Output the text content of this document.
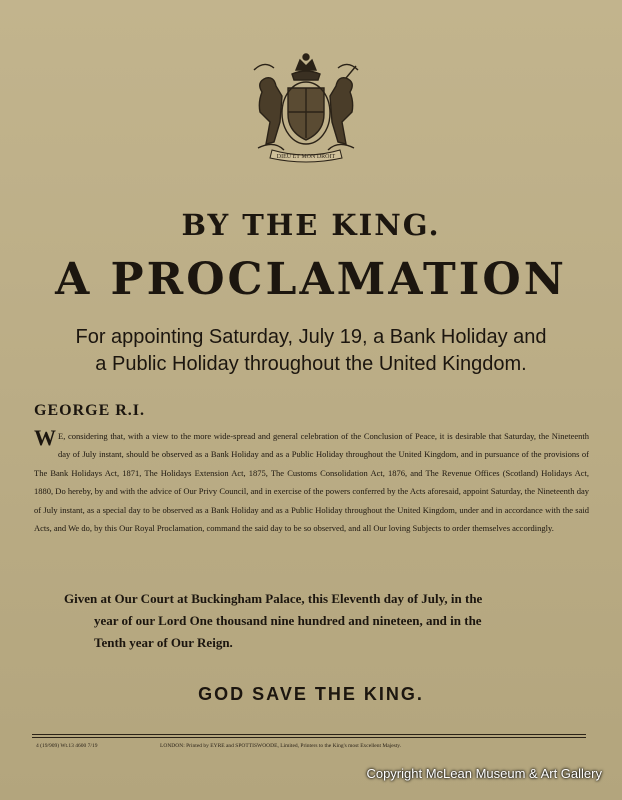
DIEU ET MON DROIT
BY THE KING.
A PROCLAMATION
For appointing Saturday, July 19, a Bank Holiday and
a Public Holiday throughout the United Kingdom.
GEORGE R.I.
W E, considering that, with a view to the more wide-spread and general celebration of the Conclusion of Peace, it is desirable that Saturday, the Nineteenth day of July instant, should be observed as a Bank Holiday and as a Public Holiday throughout the United Kingdom, and in pursuance of the provisions of The Bank Holidays Act, 1871, The Holidays Extension Act, 1875, The Customs Consolidation Act, 1876, and The Revenue Offices (Scotland) Holidays Act, 1880, Do hereby, by and with the advice of Our Privy Council, and in exercise of the powers conferred by the Acts aforesaid, appoint Saturday, the Nineteenth day of July instant, as a special day to be observed as a Bank Holiday and as a Public Holiday throughout the United Kingdom, under and in accordance with the said Acts, and We do, by this Our Royal Proclamation, command the said day to be so observed, and all Our loving Subjects to order themselves accordingly.
Given at Our Court at Buckingham Palace, this Eleventh day of July, in the
year of our Lord One thousand nine hundred and nineteen, and in the
Tenth year of Our Reign.
GOD SAVE THE KING.
4 (19/909) Wt.13 4600 7/19	LONDON: Printed by EYRE and SPOTTISWOODE, Limited, Printers to the King's most Excellent Majesty.
Copyright McLean Museum & Art Gallery
